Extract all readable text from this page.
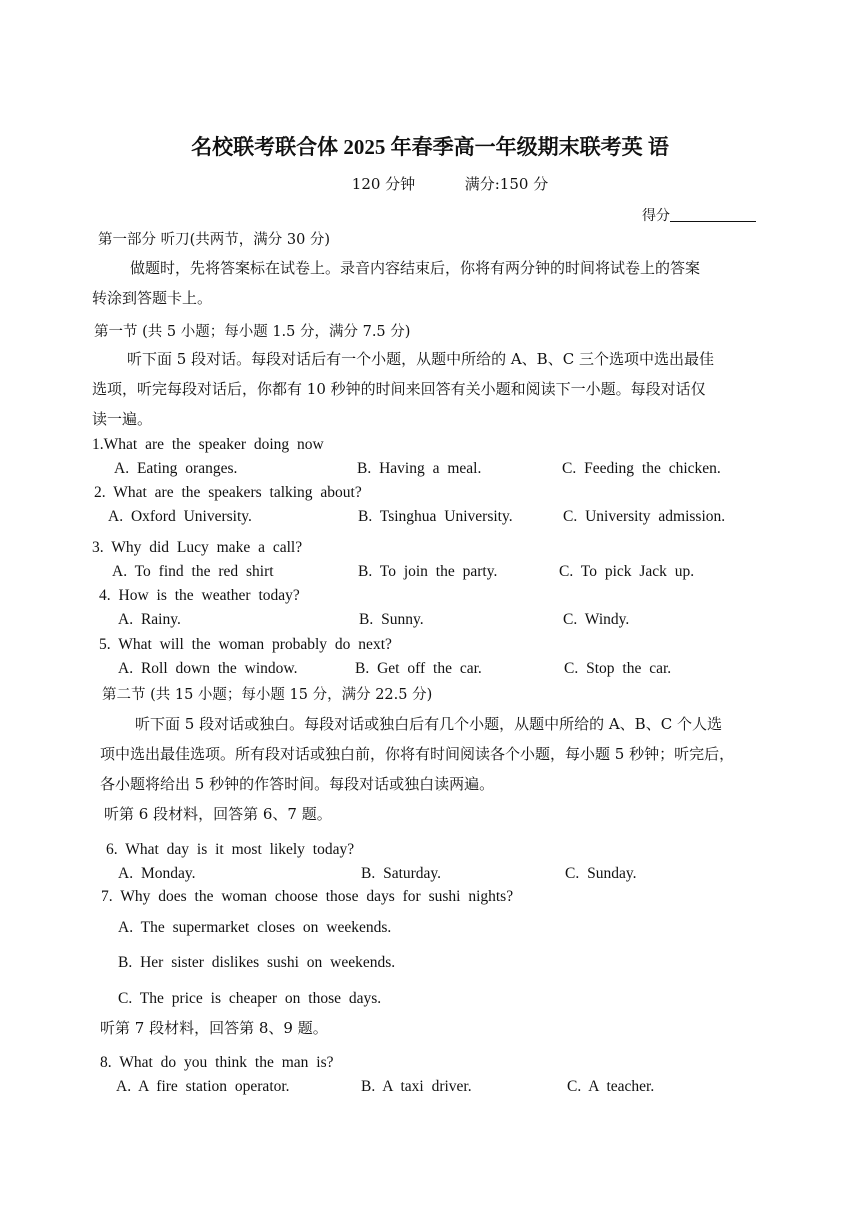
名校联考联合体 2025 年春季高一年级期末联考英 语
120 分钟	满分:150 分
得分
第一部分 听刀(共两节，满分 30 分)
做题时，先将答案标在试卷上。录音内容结束后，你将有两分钟的时间将试卷上的答案
转涂到答题卡上。
第一节 (共 5 小题；每小题 1.5 分，满分 7.5 分)
听下面 5 段对话。每段对话后有一个小题，从题中所给的 A、B、C 三个选项中选出最佳
选项，听完每段对话后，你都有 10 秒钟的时间来回答有关小题和阅读下一小题。每段对话仅
读一遍。
1.What are the speaker doing now
A. Eating oranges.	B. Having a meal.	C. Feeding the chicken.
2. What are the speakers talking about?
A. Oxford University.	B. Tsinghua University.	C. University admission.
3. Why did Lucy make a call?
A. To find the red shirt	B. To join the party.	C. To pick Jack up.
4. How is the weather today?
A. Rainy.	B. Sunny.	C. Windy.
5. What will the woman probably do next?
A. Roll down the window.	B. Get off the car.	C. Stop the car.
第二节 (共 15 小题；每小题 15 分，满分 22.5 分)
听下面 5 段对话或独白。每段对话或独白后有几个小题，从题中所给的 A、B、C 个人选
项中选出最佳选项。所有段对话或独白前，你将有时间阅读各个小题，每小题 5 秒钟；听完后，
各小题将给出 5 秒钟的作答时间。每段对话或独白读两遍。
听第 6 段材料，回答第 6、7 题。
6. What day is it most likely today?
A. Monday.	B. Saturday.	C. Sunday.
7. Why does the woman choose those days for sushi nights?
A. The supermarket closes on weekends.
B. Her sister dislikes sushi on weekends.
C. The price is cheaper on those days.
听第 7 段材料，回答第 8、9 题。
8. What do you think the man is?
A. A fire station operator.	B. A taxi driver.	C. A teacher.
